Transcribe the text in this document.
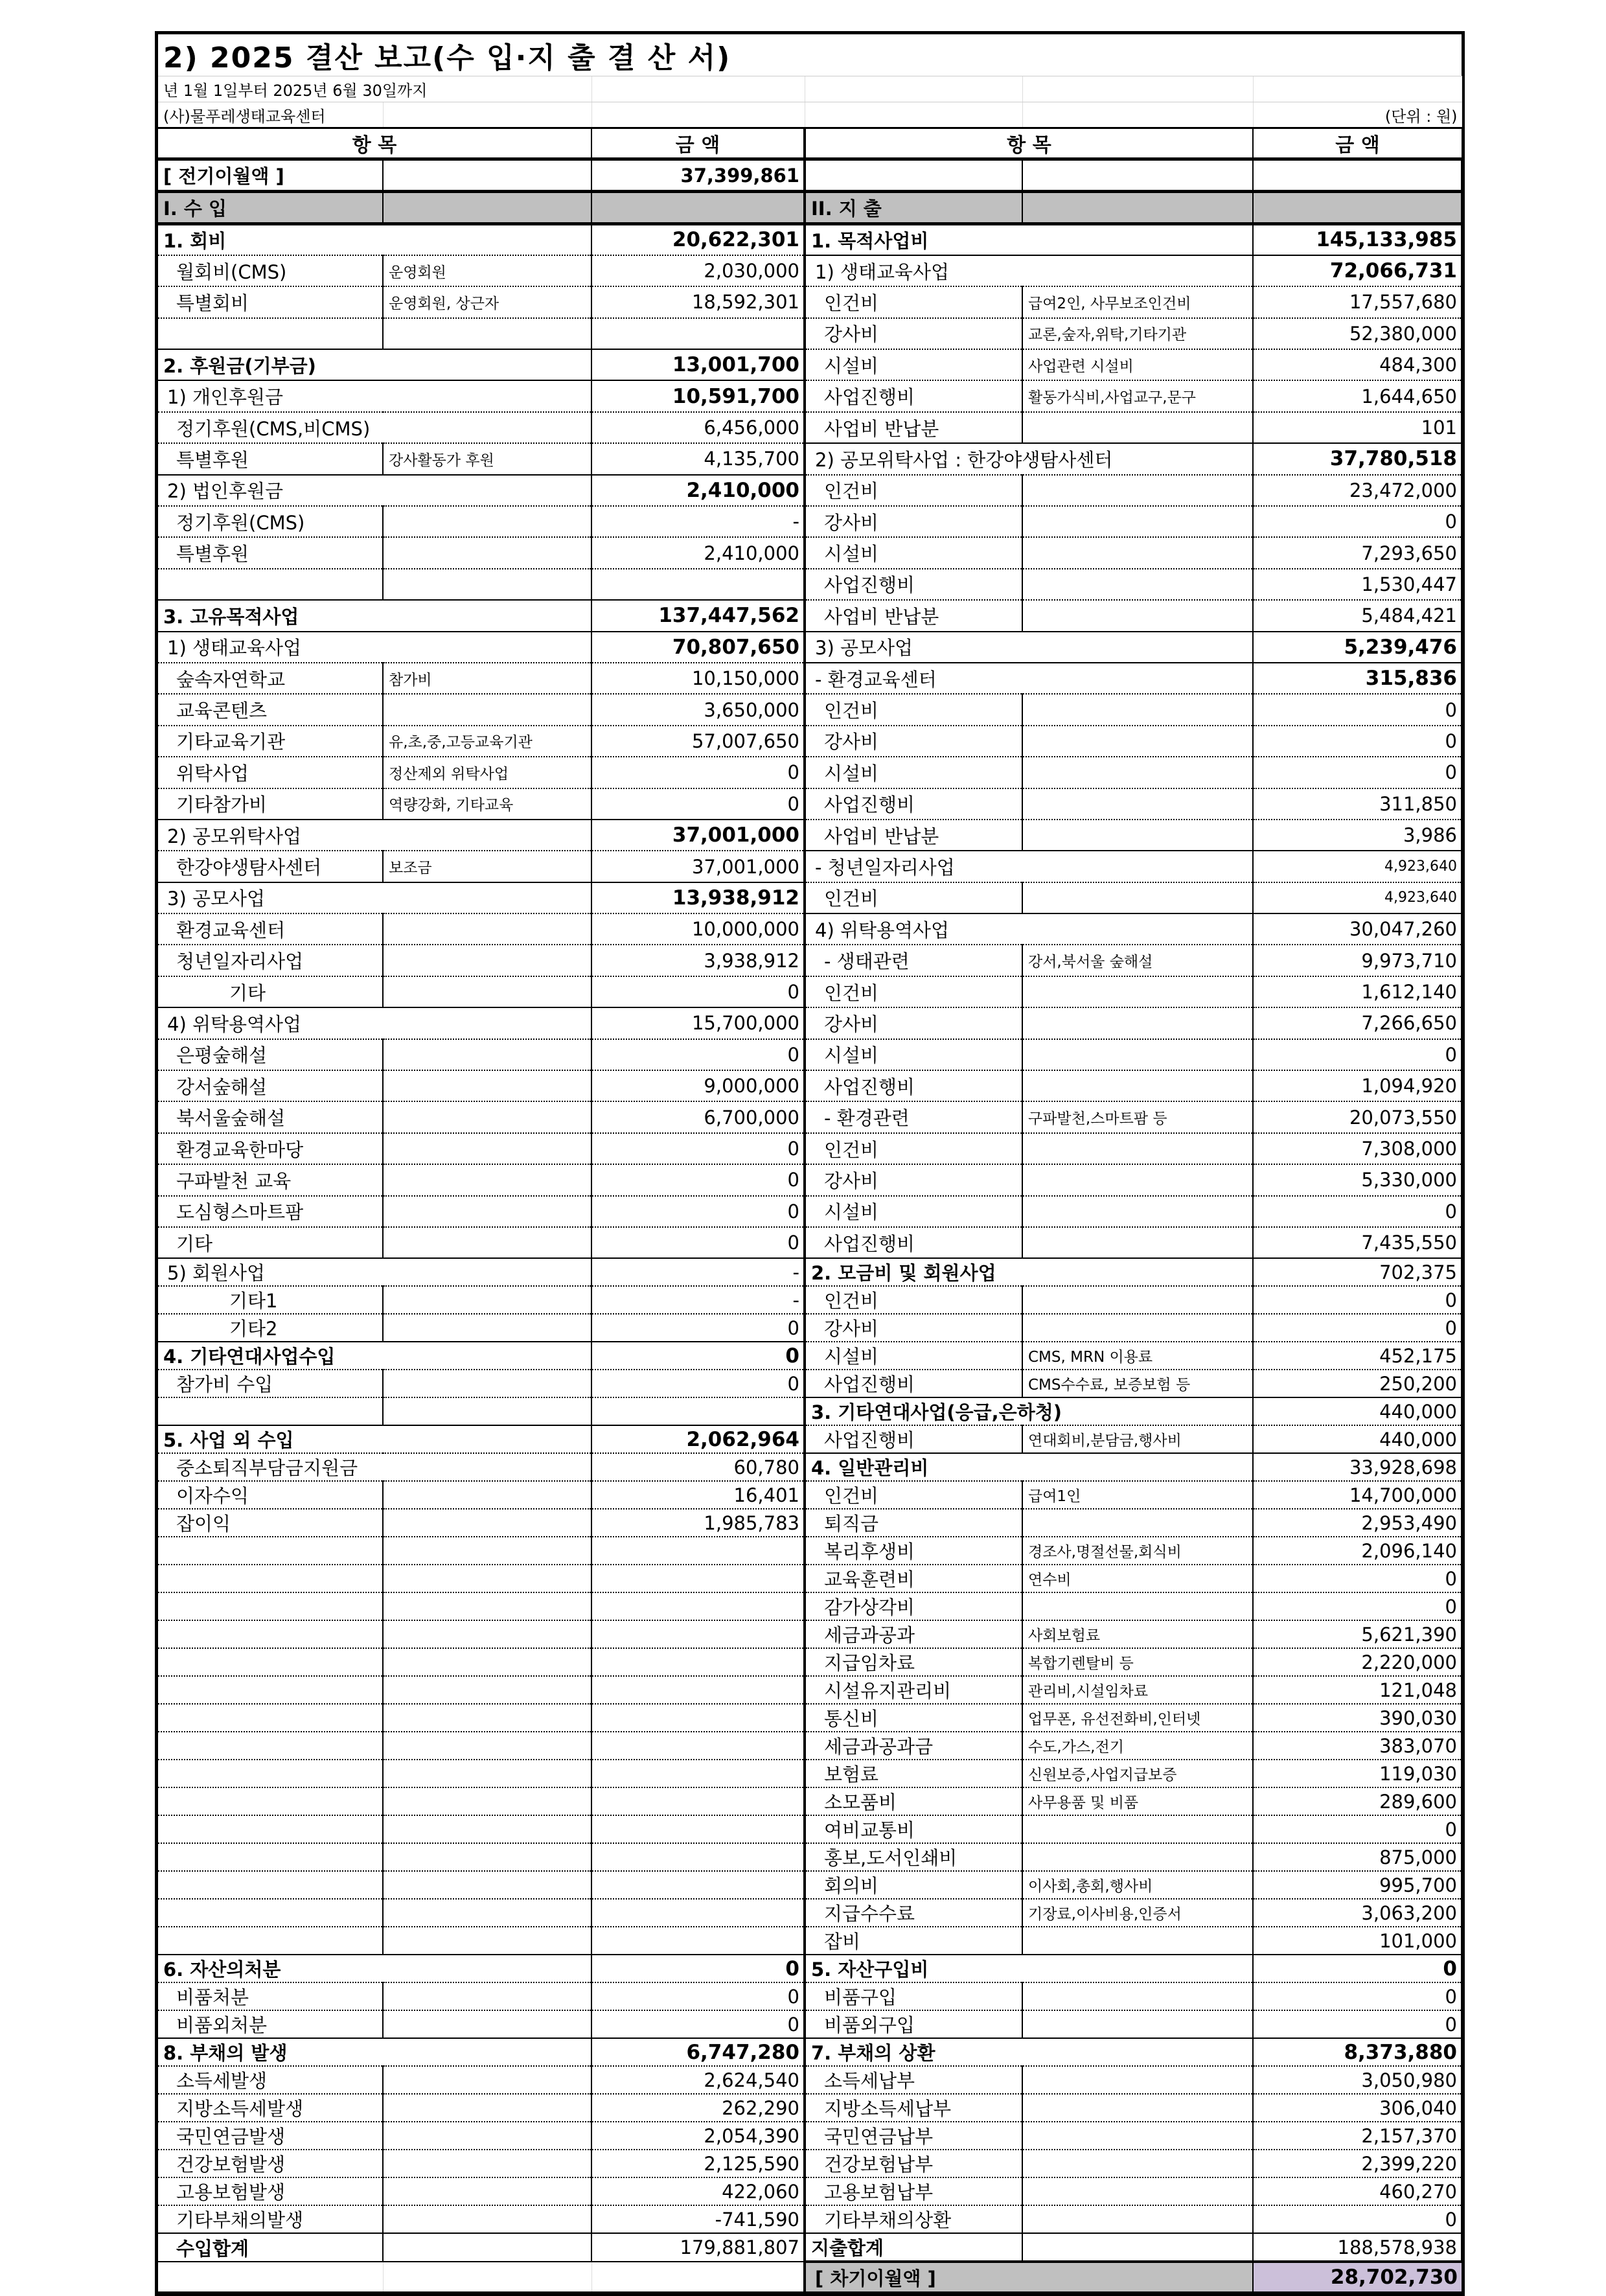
2) 2025 결산 보고(수 입·지 출 결 산 서)					
년 1월 1일부터 2025년 6월 30일까지					
(사)물푸레생태교육센터					(단위 : 원)
항 목		금 액	항 목		금 액
[ 전기이월액 ]		37,399,861			
I. 수 입			II. 지 출		
1. 회비		20,622,301	1. 목적사업비		145,133,985
월회비(CMS)	운영회원	2,030,000	1) 생태교육사업		72,066,731
특별회비	운영회원, 상근자	18,592,301	인건비	급여2인, 사무보조인건비	17,557,680
			강사비	교론,숲자,위탁,기타기관	52,380,000
2. 후원금(기부금)		13,001,700	시설비	사업관련 시설비	484,300
1) 개인후원금		10,591,700	사업진행비	활동가식비,사업교구,문구	1,644,650
정기후원(CMS,비CMS)		6,456,000	사업비 반납분		101
특별후원	강사활동가 후원	4,135,700	2) 공모위탁사업 : 한강야생탐사센터		37,780,518
2) 법인후원금		2,410,000	인건비		23,472,000
정기후원(CMS)		-	강사비		0
특별후원		2,410,000	시설비		7,293,650
			사업진행비		1,530,447
3. 고유목적사업		137,447,562	사업비 반납분		5,484,421
1) 생태교육사업		70,807,650	3) 공모사업		5,239,476
숲속자연학교	참가비	10,150,000	- 환경교육센터		315,836
교육콘텐츠		3,650,000	인건비		0
기타교육기관	유,초,중,고등교육기관	57,007,650	강사비		0
위탁사업	정산제외 위탁사업	0	시설비		0
기타참가비	역량강화, 기타교육	0	사업진행비		311,850
2) 공모위탁사업		37,001,000	사업비 반납분		3,986
한강야생탐사센터	보조금	37,001,000	- 청년일자리사업		4,923,640
3) 공모사업		13,938,912	인건비		4,923,640
환경교육센터		10,000,000	4) 위탁용역사업		30,047,260
청년일자리사업		3,938,912	- 생태관련	강서,북서울 숲해설	9,973,710
기타		0	인건비		1,612,140
4) 위탁용역사업		15,700,000	강사비		7,266,650
은평숲해설		0	시설비		0
강서숲해설		9,000,000	사업진행비		1,094,920
북서울숲해설		6,700,000	- 환경관련	구파발천,스마트팜 등	20,073,550
환경교육한마당		0	인건비		7,308,000
구파발천 교육		0	강사비		5,330,000
도심형스마트팜		0	시설비		0
기타		0	사업진행비		7,435,550
5) 회원사업		-	2. 모금비 및 회원사업		702,375
기타1		-	인건비		0
기타2		0	강사비		0
4. 기타연대사업수입		0	시설비	CMS, MRN 이용료	452,175
참가비 수입		0	사업진행비	CMS수수료, 보증보험 등	250,200
			3. 기타연대사업(응급,은하청)		440,000
5. 사업 외 수입		2,062,964	사업진행비	연대회비,분담금,행사비	440,000
중소퇴직부담금지원금		60,780	4. 일반관리비		33,928,698
이자수익		16,401	인건비	급여1인	14,700,000
잡이익		1,985,783	퇴직금		2,953,490
			복리후생비	경조사,명절선물,회식비	2,096,140
			교육훈련비	연수비	0
			감가상각비		0
			세금과공과	사회보험료	5,621,390
			지급임차료	복합기렌탈비 등	2,220,000
			시설유지관리비	관리비,시설임차료	121,048
			통신비	업무폰, 유선전화비,인터넷	390,030
			세금과공과금	수도,가스,전기	383,070
			보험료	신원보증,사업지급보증	119,030
			소모품비	사무용품 및 비품	289,600
			여비교통비		0
			홍보,도서인쇄비		875,000
			회의비	이사회,총회,행사비	995,700
			지급수수료	기장료,이사비용,인증서	3,063,200
			잡비		101,000
6. 자산의처분		0	5. 자산구입비		0
비품처분		0	비품구입		0
비품외처분		0	비품외구입		0
8. 부채의 발생		6,747,280	7. 부채의 상환		8,373,880
소득세발생		2,624,540	소득세납부		3,050,980
지방소득세발생		262,290	지방소득세납부		306,040
국민연금발생		2,054,390	국민연금납부		2,157,370
건강보험발생		2,125,590	건강보험납부		2,399,220
고용보험발생		422,060	고용보험납부		460,270
기타부채의발생		-741,590	기타부채의상환		0
수입합계		179,881,807	지출합계		188,578,938
			[ 차기이월액 ]		28,702,730
